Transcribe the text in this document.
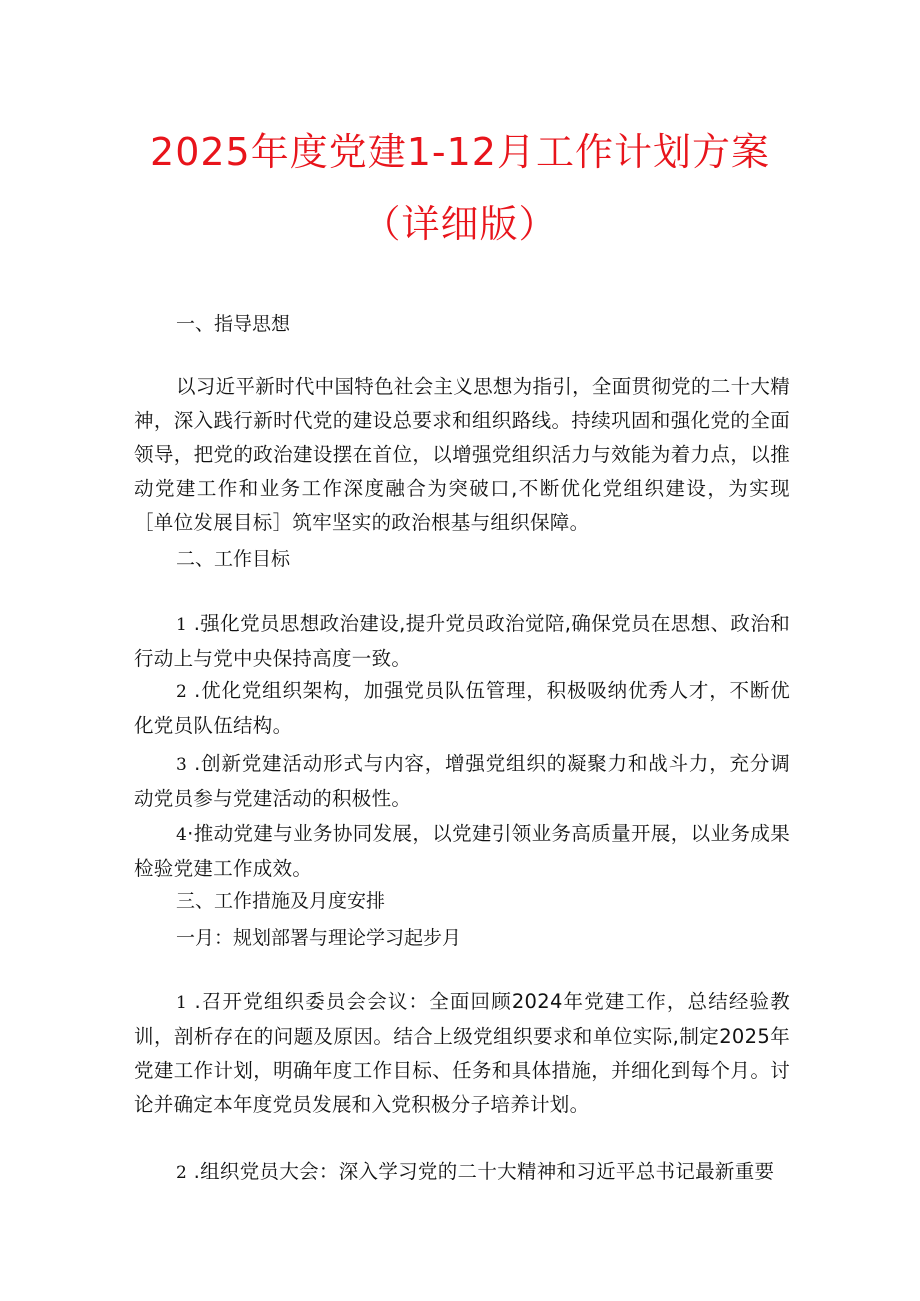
2025年度党建1-12月工作计划方案
（详细版）

一、指导思想

以习近平新时代中国特色社会主义思想为指引，全面贯彻党的二十大精神，深入践行新时代党的建设总要求和组织路线。持续巩固和强化党的全面领导，把党的政治建设摆在首位，以增强党组织活力与效能为着力点，以推动党建工作和业务工作深度融合为突破口,不断优化党组织建设，为实现［单位发展目标］筑牢坚实的政治根基与组织保障。

二、工作目标

1 .强化党员思想政治建设,提升党员政治觉陪,确保党员在思想、政治和行动上与党中央保持高度一致。

2 .优化党组织架构，加强党员队伍管理，积极吸纳优秀人才，不断优化党员队伍结构。

3 .创新党建活动形式与内容，增强党组织的凝聚力和战斗力，充分调动党员参与党建活动的积极性。

4·推动党建与业务协同发展，以党建引领业务高质量开展，以业务成果检验党建工作成效。

三、工作措施及月度安排

一月：规划部署与理论学习起步月

1 .召开党组织委员会会议：全面回顾2024年党建工作，总结经验教训，剖析存在的问题及原因。结合上级党组织要求和单位实际,制定2025年党建工作计划，明确年度工作目标、任务和具体措施，并细化到每个月。讨论并确定本年度党员发展和入党积极分子培养计划。

2 .组织党员大会：深入学习党的二十大精神和习近平总书记最新重要
